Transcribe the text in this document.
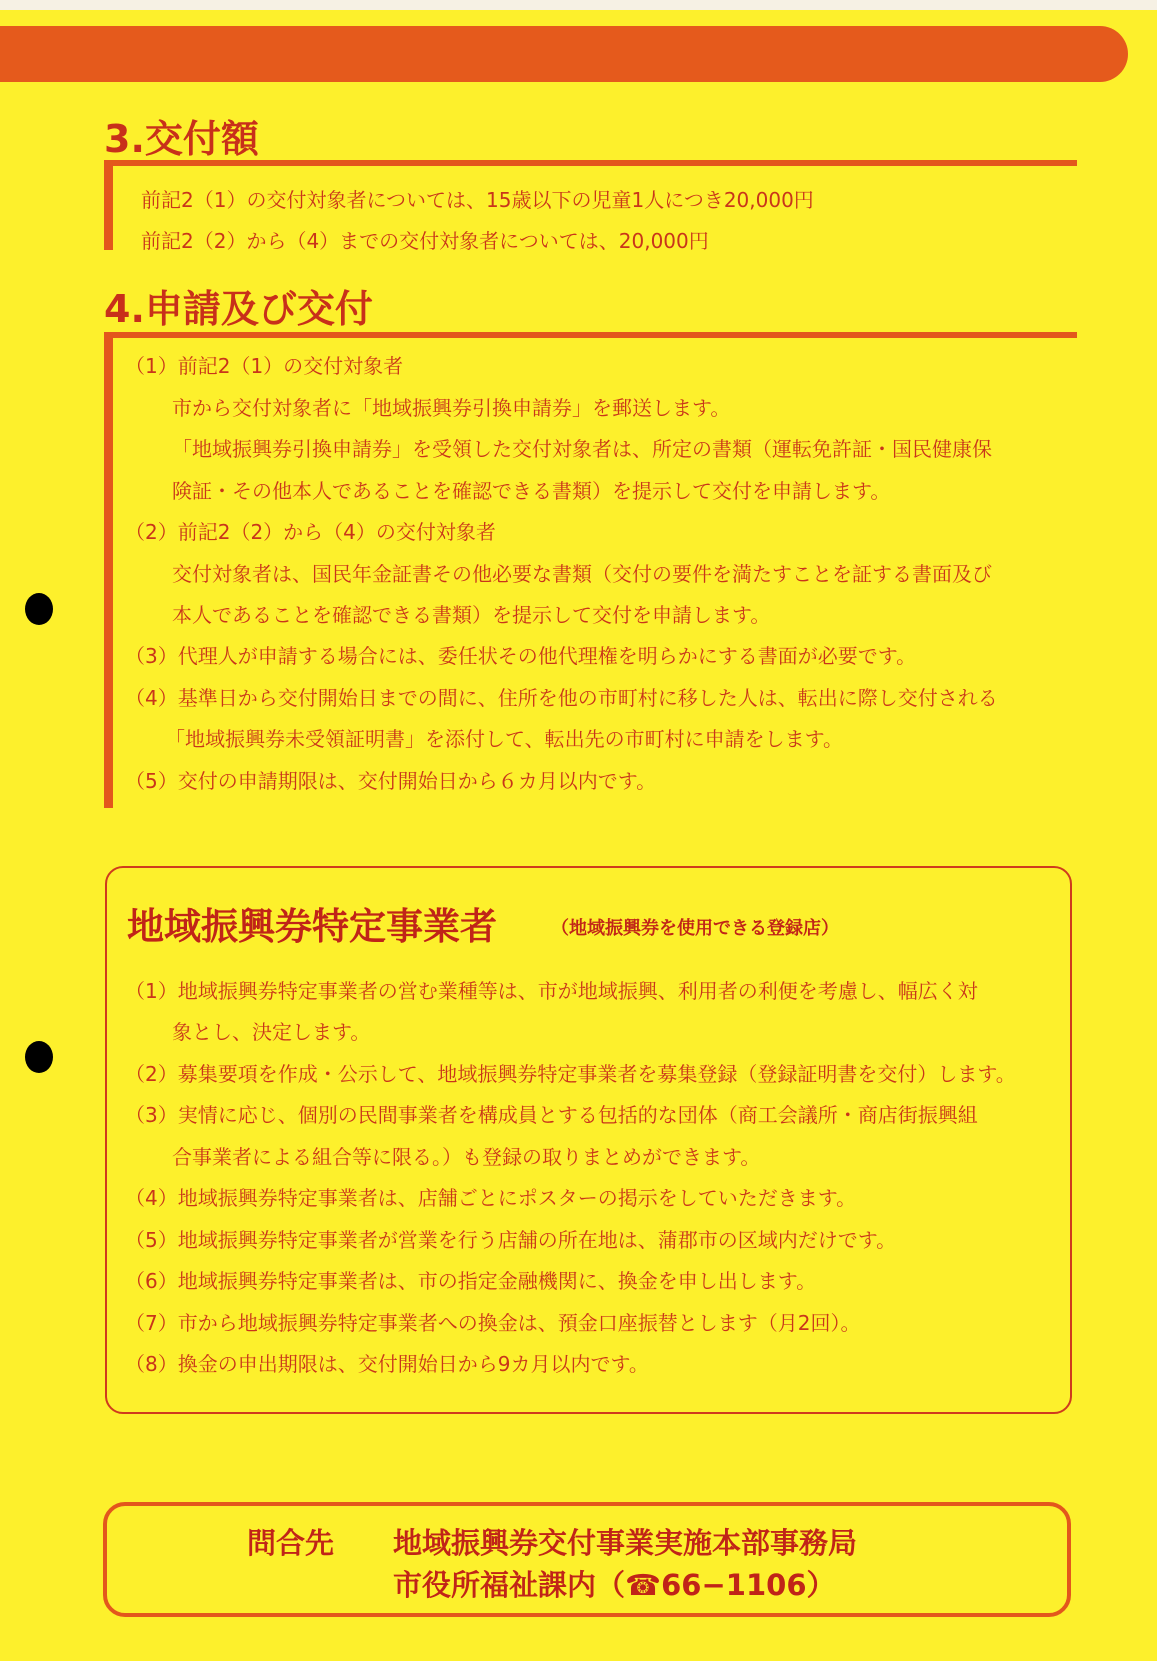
3.交付額
前記2（1）の交付対象者については、15歳以下の児童1人につき20,000円
前記2（2）から（4）までの交付対象者については、20,000円
4.申請及び交付
（1）前記2（1）の交付対象者
市から交付対象者に「地域振興券引換申請券」を郵送します。
「地域振興券引換申請券」を受領した交付対象者は、所定の書類（運転免許証・国民健康保
険証・その他本人であることを確認できる書類）を提示して交付を申請します。
（2）前記2（2）から（4）の交付対象者
交付対象者は、国民年金証書その他必要な書類（交付の要件を満たすことを証する書面及び
本人であることを確認できる書類）を提示して交付を申請します。
（3）代理人が申請する場合には、委任状その他代理権を明らかにする書面が必要です。
（4）基準日から交付開始日までの間に、住所を他の市町村に移した人は、転出に際し交付される
「地域振興券未受領証明書」を添付して、転出先の市町村に申請をします。
（5）交付の申請期限は、交付開始日から６カ月以内です。
地域振興券特定事業者	（地域振興券を使用できる登録店）
（1）地域振興券特定事業者の営む業種等は、市が地域振興、利用者の利便を考慮し、幅広く対
象とし、決定します。
（2）募集要項を作成・公示して、地域振興券特定事業者を募集登録（登録証明書を交付）します。
（3）実情に応じ、個別の民間事業者を構成員とする包括的な団体（商工会議所・商店街振興組
合事業者による組合等に限る。）も登録の取りまとめができます。
（4）地域振興券特定事業者は、店舗ごとにポスターの掲示をしていただきます。
（5）地域振興券特定事業者が営業を行う店舗の所在地は、蒲郡市の区域内だけです。
（6）地域振興券特定事業者は、市の指定金融機関に、換金を申し出します。
（7）市から地域振興券特定事業者への換金は、預金口座振替とします（月2回）。
（8）換金の申出期限は、交付開始日から9カ月以内です。
問合先 地域振興券交付事業実施本部事務局
市役所福祉課内（☎66−1106）
